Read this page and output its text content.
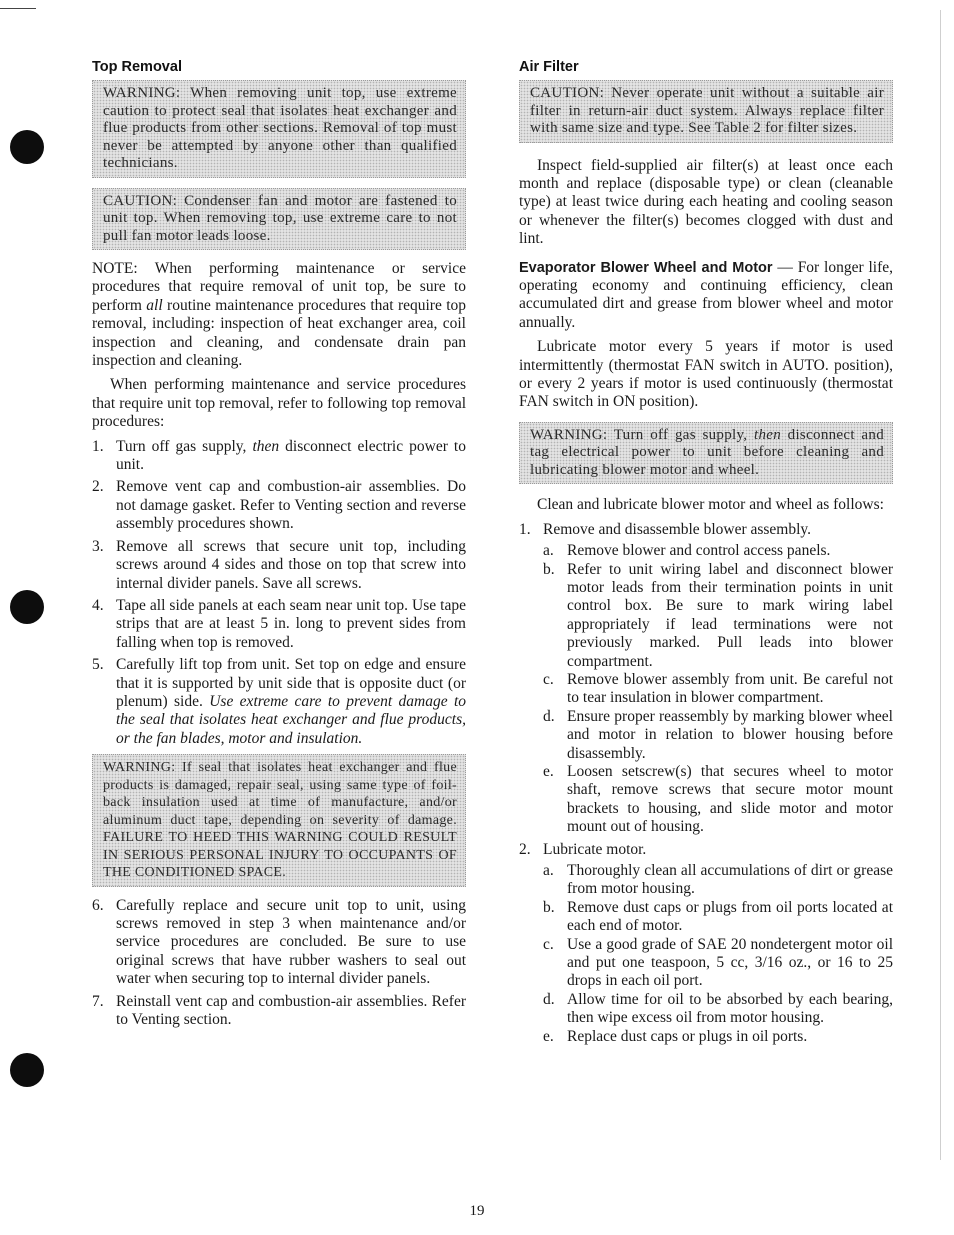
Top Removal
WARNING: When removing unit top, use extreme caution to protect seal that isolates heat exchanger and flue products from other sections. Removal of top must never be attempted by anyone other than qualified technicians.
CAUTION: Condenser fan and motor are fastened to unit top. When removing top, use extreme care to not pull fan motor leads loose.

NOTE: When performing maintenance or service procedures that require removal of unit top, be sure to perform all routine maintenance procedures that require top removal, including: inspection of heat exchanger area, coil inspection and cleaning, and condensate drain pan inspection and cleaning.

When performing maintenance and service procedures that require unit top removal, refer to following top removal procedures:

1. Turn off gas supply, then disconnect electric power to unit.
2. Remove vent cap and combustion-air assemblies. Do not damage gasket. Refer to Venting section and reverse assembly procedures shown.
3. Remove all screws that secure unit top, including screws around 4 sides and those on top that screw into internal divider panels. Save all screws.
4. Tape all side panels at each seam near unit top. Use tape strips that are at least 5 in. long to prevent sides from falling when top is removed.
5. Carefully lift top from unit. Set top on edge and ensure that it is supported by unit side that is opposite duct (or plenum) side. Use extreme care to prevent damage to the seal that isolates heat exchanger and flue products, or the fan blades, motor and insulation.
WARNING: If seal that isolates heat exchanger and flue products is damaged, repair seal, using same type of foil-back insulation used at time of manufacture, and/or aluminum duct tape, depending on severity of damage. FAILURE TO HEED THIS WARNING COULD RESULT IN SERIOUS PERSONAL INJURY TO OCCUPANTS OF THE CONDITIONED SPACE.
6. Carefully replace and secure unit top to unit, using screws removed in step 3 when maintenance and/or service procedures are concluded. Be sure to use original screws that have rubber washers to seal out water when securing top to internal divider panels.
7. Reinstall vent cap and combustion-air assemblies. Refer to Venting section.
Air Filter
CAUTION: Never operate unit without a suitable air filter in return-air duct system. Always replace filter with same size and type. See Table 2 for filter sizes.

Inspect field-supplied air filter(s) at least once each month and replace (disposable type) or clean (cleanable type) at least twice during each heating and cooling season or whenever the filter(s) becomes clogged with dust and lint.

Evaporator Blower Wheel and Motor — For longer life, operating economy and continuing efficiency, clean accumulated dirt and grease from blower wheel and motor annually.

Lubricate motor every 5 years if motor is used intermittently (thermostat FAN switch in AUTO. position), or every 2 years if motor is used continuously (thermostat FAN switch in ON position).

WARNING: Turn off gas supply, then disconnect and tag electrical power to unit before cleaning and lubricating blower motor and wheel.

Clean and lubricate blower motor and wheel as follows:

1. Remove and disassemble blower assembly.
a. Remove blower and control access panels.
b. Refer to unit wiring label and disconnect blower motor leads from their termination points in unit control box. Be sure to mark wiring label appropriately if lead terminations were not previously marked. Pull leads into blower compartment.
c. Remove blower assembly from unit. Be careful not to tear insulation in blower compartment.
d. Ensure proper reassembly by marking blower wheel and motor in relation to blower housing before disassembly.
e. Loosen setscrew(s) that secures wheel to motor shaft, remove screws that secure motor mount brackets to housing, and slide motor and motor mount out of housing.
2. Lubricate motor.
a. Thoroughly clean all accumulations of dirt or grease from motor housing.
b. Remove dust caps or plugs from oil ports located at each end of motor.
c. Use a good grade of SAE 20 nondetergent motor oil and put one teaspoon, 5 cc, 3/16 oz., or 16 to 25 drops in each oil port.
d. Allow time for oil to be absorbed by each bearing, then wipe excess oil from motor housing.
e. Replace dust caps or plugs in oil ports.
19
